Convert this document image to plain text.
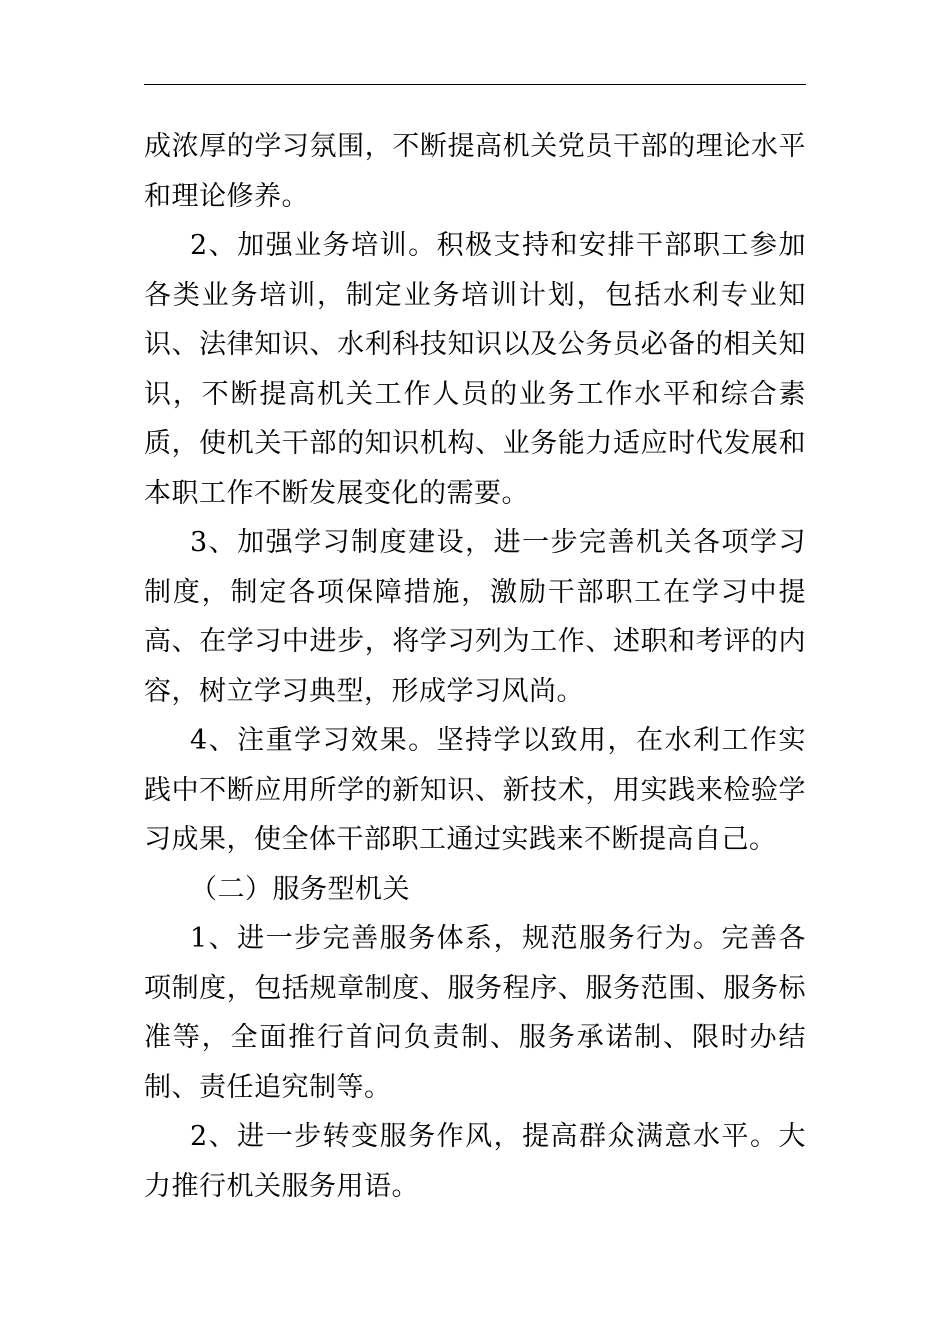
成浓厚的学习氛围，不断提高机关党员干部的理论水平和理论修养。

2、加强业务培训。积极支持和安排干部职工参加各类业务培训，制定业务培训计划，包括水利专业知识、法律知识、水利科技知识以及公务员必备的相关知识，不断提高机关工作人员的业务工作水平和综合素质，使机关干部的知识机构、业务能力适应时代发展和本职工作不断发展变化的需要。

3、加强学习制度建设，进一步完善机关各项学习制度，制定各项保障措施，激励干部职工在学习中提高、在学习中进步，将学习列为工作、述职和考评的内容，树立学习典型，形成学习风尚。

4、注重学习效果。坚持学以致用，在水利工作实践中不断应用所学的新知识、新技术，用实践来检验学习成果，使全体干部职工通过实践来不断提高自己。

（二）服务型机关

1、进一步完善服务体系，规范服务行为。完善各项制度，包括规章制度、服务程序、服务范围、服务标准等，全面推行首问负责制、服务承诺制、限时办结制、责任追究制等。

2、进一步转变服务作风，提高群众满意水平。大力推行机关服务用语。
